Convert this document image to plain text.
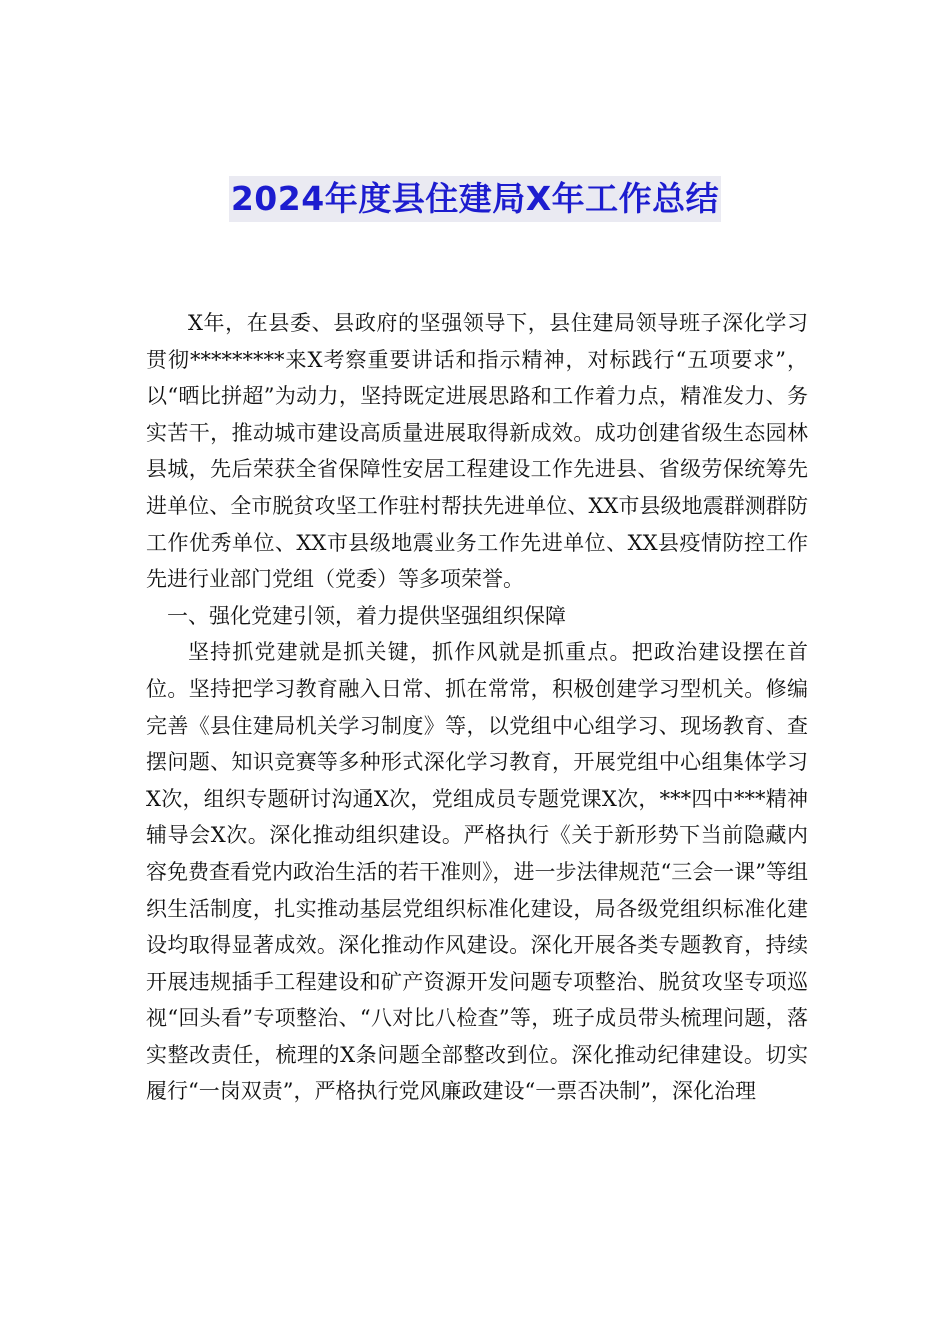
2024年度县住建局X年工作总结

X年，在县委、县政府的坚强领导下，县住建局领导班子深化学习贯彻*********来X考察重要讲话和指示精神，对标践行“五项要求”，以“晒比拼超”为动力，坚持既定进展思路和工作着力点，精准发力、务实苦干，推动城市建设高质量进展取得新成效。成功创建省级生态园林县城，先后荣获全省保障性安居工程建设工作先进县、省级劳保统筹先进单位、全市脱贫攻坚工作驻村帮扶先进单位、XX市县级地震群测群防工作优秀单位、XX市县级地震业务工作先进单位、XX县疫情防控工作先进行业部门党组（党委）等多项荣誉。

一、强化党建引领，着力提供坚强组织保障

坚持抓党建就是抓关键，抓作风就是抓重点。把政治建设摆在首位。坚持把学习教育融入日常、抓在常常，积极创建学习型机关。修编完善《县住建局机关学习制度》等，以党组中心组学习、现场教育、查摆问题、知识竞赛等多种形式深化学习教育，开展党组中心组集体学习X次，组织专题研讨沟通X次，党组成员专题党课X次，***四中***精神辅导会X次。深化推动组织建设。严格执行《关于新形势下当前隐藏内容免费查看党内政治生活的若干准则》，进一步法律规范“三会一课”等组织生活制度，扎实推动基层党组织标准化建设，局各级党组织标准化建设均取得显著成效。深化推动作风建设。深化开展各类专题教育，持续开展违规插手工程建设和矿产资源开发问题专项整治、脱贫攻坚专项巡视“回头看”专项整治、“八对比八检查”等，班子成员带头梳理问题，落实整改责任，梳理的X条问题全部整改到位。深化推动纪律建设。切实履行“一岗双责”，严格执行党风廉政建设“一票否决制”，深化治理
